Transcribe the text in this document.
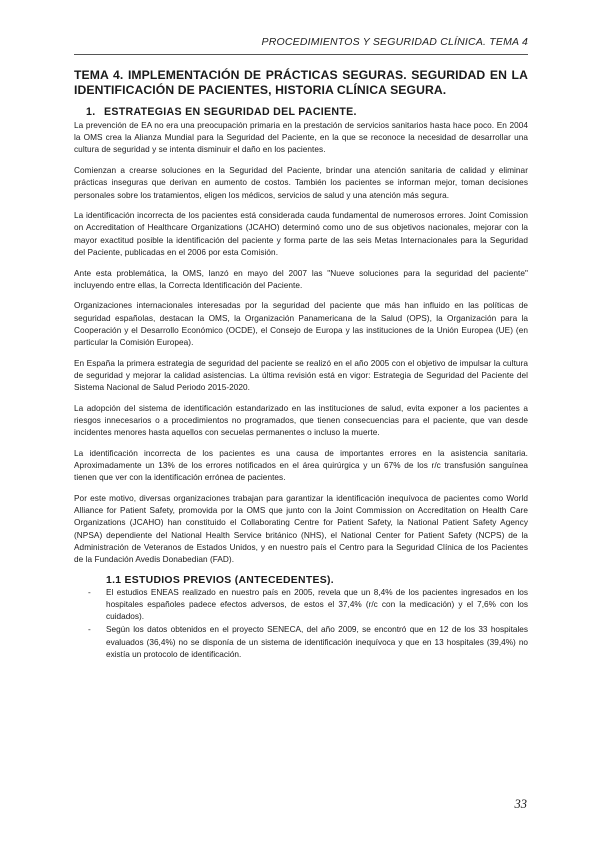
PROCEDIMIENTOS Y SEGURIDAD CLÍNICA. TEMA 4
TEMA 4. IMPLEMENTACIÓN DE PRÁCTICAS SEGURAS. SEGURIDAD EN LA IDENTIFICACIÓN DE PACIENTES, HISTORIA CLÍNICA SEGURA.
1. ESTRATEGIAS EN SEGURIDAD DEL PACIENTE.

La prevención de EA no era una preocupación primaria en la prestación de servicios sanitarios hasta hace poco. En 2004 la OMS crea la Alianza Mundial para la Seguridad del Paciente, en la que se reconoce la necesidad de desarrollar una cultura de seguridad y se intenta disminuir el daño en los pacientes.

Comienzan a crearse soluciones en la Seguridad del Paciente, brindar una atención sanitaria de calidad y eliminar prácticas inseguras que derivan en aumento de costos. También los pacientes se informan mejor, toman decisiones personales sobre los tratamientos, eligen los médicos, servicios de salud y una atención más segura.

La identificación incorrecta de los pacientes está considerada cauda fundamental de numerosos errores. Joint Comission on Accreditation of Healthcare Organizations (JCAHO) determinó como uno de sus objetivos nacionales, mejorar con la mayor exactitud posible la identificación del paciente y forma parte de las seis Metas Internacionales para la Seguridad del Paciente, publicadas en el 2006 por esta Comisión.

Ante esta problemática, la OMS, lanzó en mayo del 2007 las "Nueve soluciones para la seguridad del paciente" incluyendo entre ellas, la Correcta Identificación del Paciente.

Organizaciones internacionales interesadas por la seguridad del paciente que más han influido en las políticas de seguridad españolas, destacan la OMS, la Organización Panamericana de la Salud (OPS), la Organización para la Cooperación y el Desarrollo Económico (OCDE), el Consejo de Europa y las instituciones de la Unión Europea (UE) (en particular la Comisión Europea).

En España la primera estrategia de seguridad del paciente se realizó en el año 2005 con el objetivo de impulsar la cultura de seguridad y mejorar la calidad asistencias. La última revisión está en vigor: Estrategia de Seguridad del Paciente del Sistema Nacional de Salud Periodo 2015-2020.

La adopción del sistema de identificación estandarizado en las instituciones de salud, evita exponer a los pacientes a riesgos innecesarios o a procedimientos no programados, que tienen consecuencias para el paciente, que van desde incidentes menores hasta aquellos con secuelas permanentes o incluso la muerte.

La identificación incorrecta de los pacientes es una causa de importantes errores en la asistencia sanitaria. Aproximadamente un 13% de los errores notificados en el área quirúrgica y un 67% de los r/c transfusión sanguínea tienen que ver con la identificación errónea de pacientes.

Por este motivo, diversas organizaciones trabajan para garantizar la identificación inequívoca de pacientes como World Alliance for Patient Safety, promovida por la OMS que junto con la Joint Commission on Accreditation on Health Care Organizations (JCAHO) han constituido el Collaborating Centre for Patient Safety, la National Patient Safety Agency (NPSA) dependiente del National Health Service británico (NHS), el National Center for Patient Safety (NCPS) de la Administración de Veteranos de Estados Unidos, y en nuestro país el Centro para la Seguridad Clínica de los Pacientes de la Fundación Avedis Donabedian (FAD).

1.1 ESTUDIOS PREVIOS (ANTECEDENTES).
- El estudios ENEAS realizado en nuestro país en 2005, revela que un 8,4% de los pacientes ingresados en los hospitales españoles padece efectos adversos, de estos el 37,4% (r/c con la medicación) y el 7,6% con los cuidados).
- Según los datos obtenidos en el proyecto SENECA, del año 2009, se encontró que en 12 de los 33 hospitales evaluados (36,4%) no se disponía de un sistema de identificación inequívoca y que en 13 hospitales (39,4%) no existía un protocolo de identificación.
33
